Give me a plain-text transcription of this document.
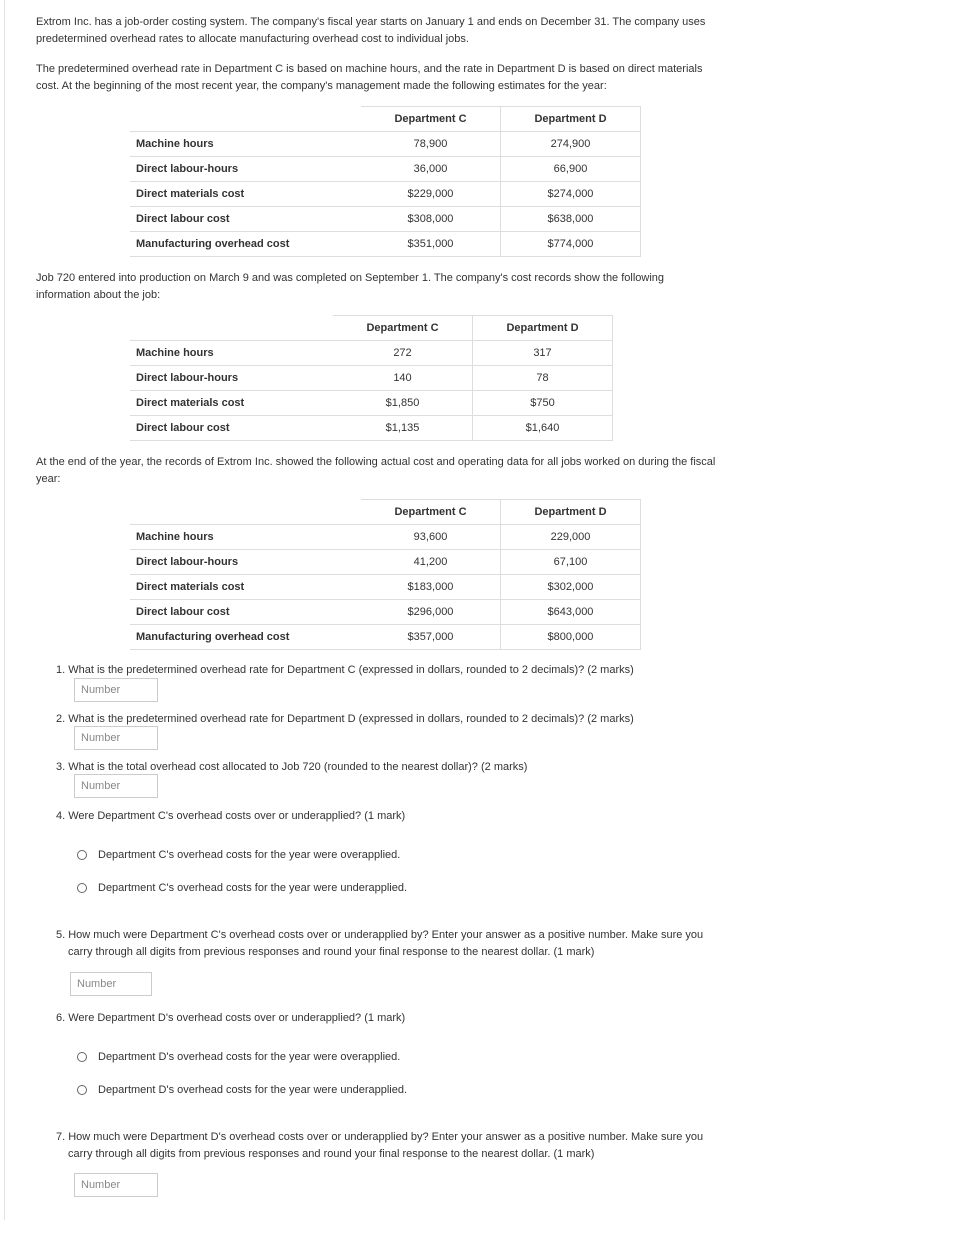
Extrom Inc. has a job-order costing system. The company's fiscal year starts on January 1 and ends on December 31. The company uses predetermined overhead rates to allocate manufacturing overhead cost to individual jobs.

The predetermined overhead rate in Department C is based on machine hours, and the rate in Department D is based on direct materials cost. At the beginning of the most recent year, the company's management made the following estimates for the year:

	Department C	Department D
Machine hours	78,900	274,900
Direct labour-hours	36,000	66,900
Direct materials cost	$229,000	$274,000
Direct labour cost	$308,000	$638,000
Manufacturing overhead cost	$351,000	$774,000

Job 720 entered into production on March 9 and was completed on September 1. The company's cost records show the following information about the job:

	Department C	Department D
Machine hours	272	317
Direct labour-hours	140	78
Direct materials cost	$1,850	$750
Direct labour cost	$1,135	$1,640

At the end of the year, the records of Extrom Inc. showed the following actual cost and operating data for all jobs worked on during the fiscal year:

	Department C	Department D
Machine hours	93,600	229,000
Direct labour-hours	41,200	67,100
Direct materials cost	$183,000	$302,000
Direct labour cost	$296,000	$643,000
Manufacturing overhead cost	$357,000	$800,000

1. What is the predetermined overhead rate for Department C (expressed in dollars, rounded to 2 decimals)? (2 marks)

Number

2. What is the predetermined overhead rate for Department D (expressed in dollars, rounded to 2 decimals)? (2 marks)

Number

3. What is the total overhead cost allocated to Job 720 (rounded to the nearest dollar)? (2 marks)

Number

4. Were Department C's overhead costs over or underapplied? (1 mark)

Department C's overhead costs for the year were overapplied.
Department C's overhead costs for the year were underapplied.
5. How much were Department C's overhead costs over or underapplied by? Enter your answer as a positive number. Make sure you carry through all digits from previous responses and round your final response to the nearest dollar. (1 mark)
Number

6. Were Department D's overhead costs over or underapplied? (1 mark)

Department D's overhead costs for the year were overapplied.
Department D's overhead costs for the year were underapplied.
7. How much were Department D's overhead costs over or underapplied by? Enter your answer as a positive number. Make sure you carry through all digits from previous responses and round your final response to the nearest dollar. (1 mark)
Number
